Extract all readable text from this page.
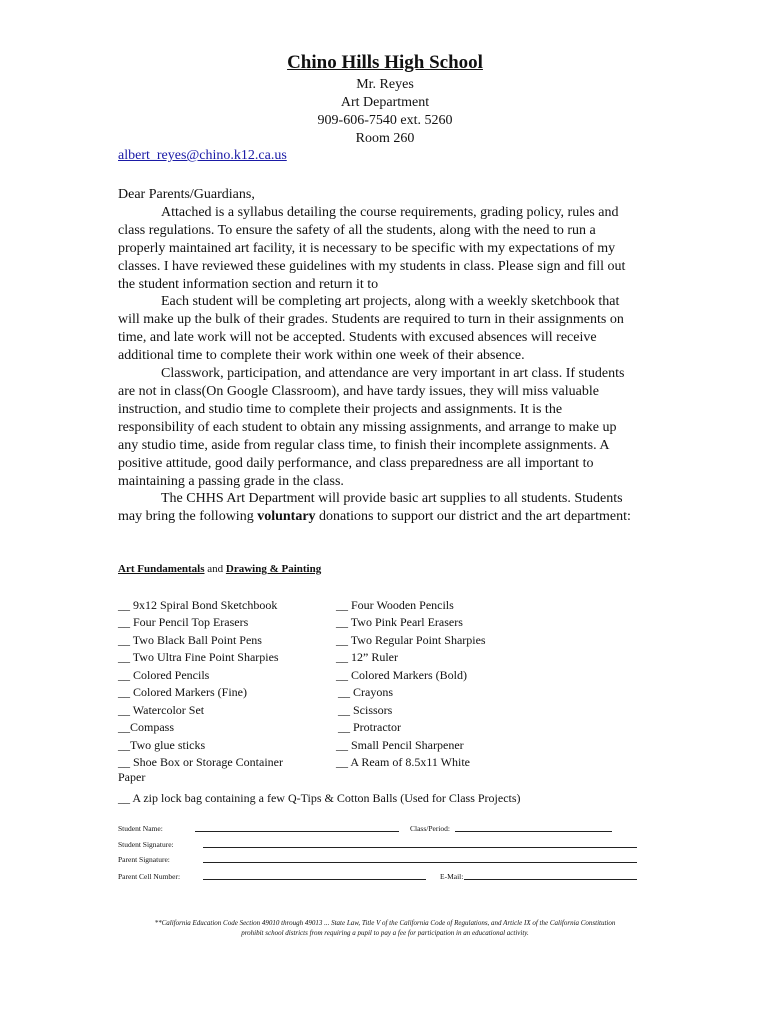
Chino Hills High School
Mr. Reyes
Art Department
909-606-7540 ext. 5260
Room 260
albert_reyes@chino.k12.ca.us

Dear Parents/Guardians,

Attached is a syllabus detailing the course requirements, grading policy, rules and class regulations. To ensure the safety of all the students, along with the need to run a properly maintained art facility, it is necessary to be specific with my expectations of my classes. I have reviewed these guidelines with my students in class. Please sign and fill out the student information section and return it to

Each student will be completing art projects, along with a weekly sketchbook that will make up the bulk of their grades. Students are required to turn in their assignments on time, and late work will not be accepted. Students with excused absences will receive additional time to complete their work within one week of their absence.

Classwork, participation, and attendance are very important in art class. If students are not in class(On Google Classroom), and have tardy issues, they will miss valuable instruction, and studio time to complete their projects and assignments. It is the responsibility of each student to obtain any missing assignments, and arrange to make up any studio time, aside from regular class time, to finish their incomplete assignments. A positive attitude, good daily performance, and class preparedness are all important to maintaining a passing grade in the class.

The CHHS Art Department will provide basic art supplies to all students. Students may bring the following voluntary donations to support our district and the art department:

Art Fundamentals and Drawing & Painting
__ 9x12 Spiral Bond Sketchbook
__ Four Pencil Top Erasers
__ Two Black Ball Point Pens
__ Two Ultra Fine Point Sharpies
__ Colored Pencils
__ Colored Markers (Fine)
__ Watercolor Set
__Compass
__Two glue sticks
__ Shoe Box or Storage Container
__ Four Wooden Pencils
__ Two Pink Pearl Erasers
__ Two Regular Point Sharpies
__ 12” Ruler
__ Colored Markers (Bold)
__ Crayons
__ Scissors
__ Protractor
__ Small Pencil Sharpener
__ A Ream of 8.5x11 White
Paper
__ A zip lock bag containing a few Q-Tips & Cotton Balls (Used for Class Projects)
Student Name:	Class/Period:
Student Signature:
Parent Signature:
Parent Cell Number:	E-Mail:
**California Education Code Section 49010 through 49013 ... State Law, Title V of the California Code of Regulations, and Article IX of the California Constitution
prohibit school districts from requiring a pupil to pay a fee for participation in an educational activity.
